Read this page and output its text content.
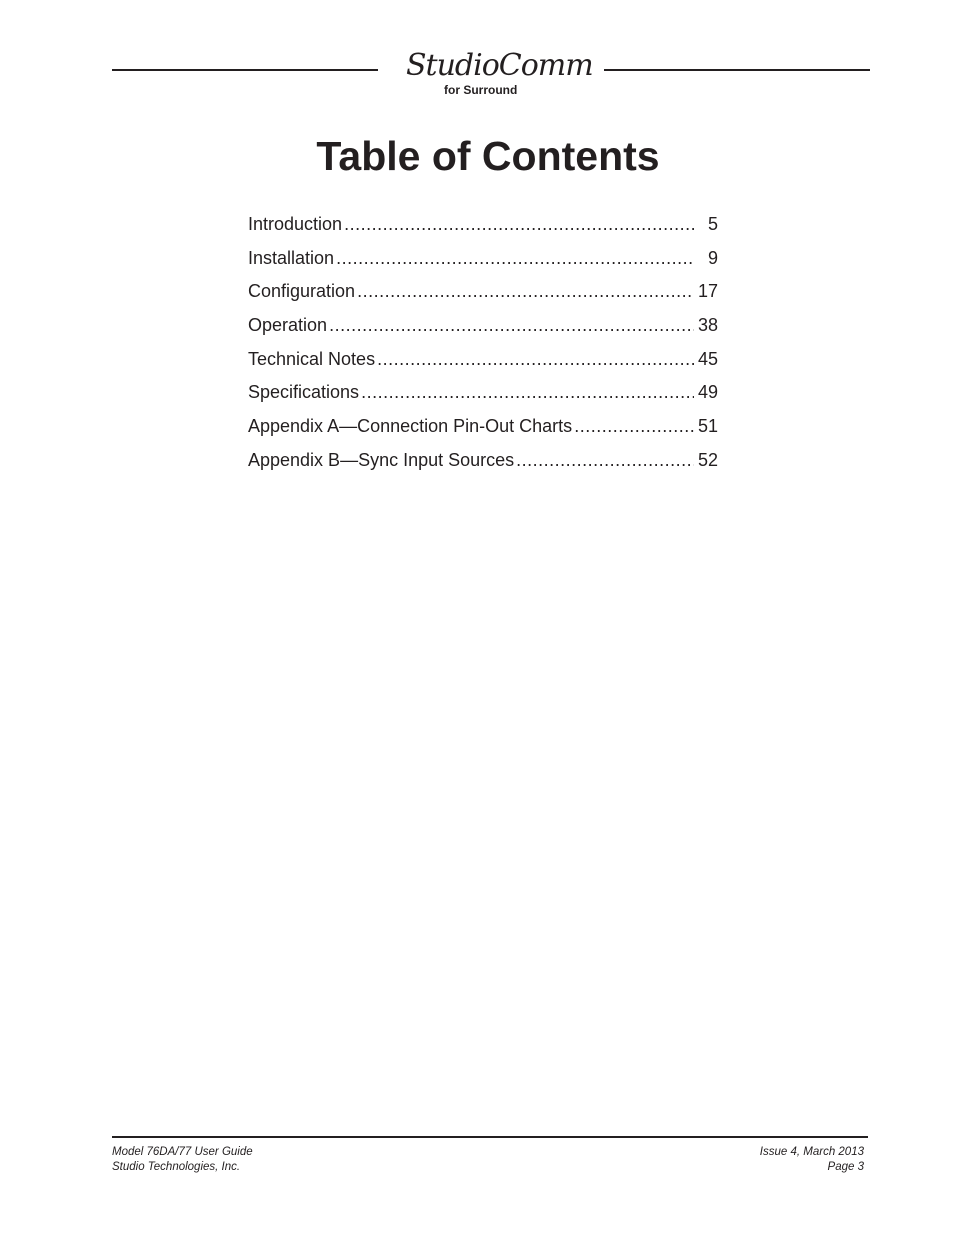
StudioComm
for Surround
Table of Contents
Introduction .....	5
Installation .....	9
Configuration .....	17
Operation .....	38
Technical Notes .....	45
Specifications .....	49
Appendix A—Connection Pin-Out Charts .....	51
Appendix B—Sync Input Sources .....	52
Model 76DA/77 User Guide
Studio Technologies, Inc.
Issue 4, March 2013
Page 3
